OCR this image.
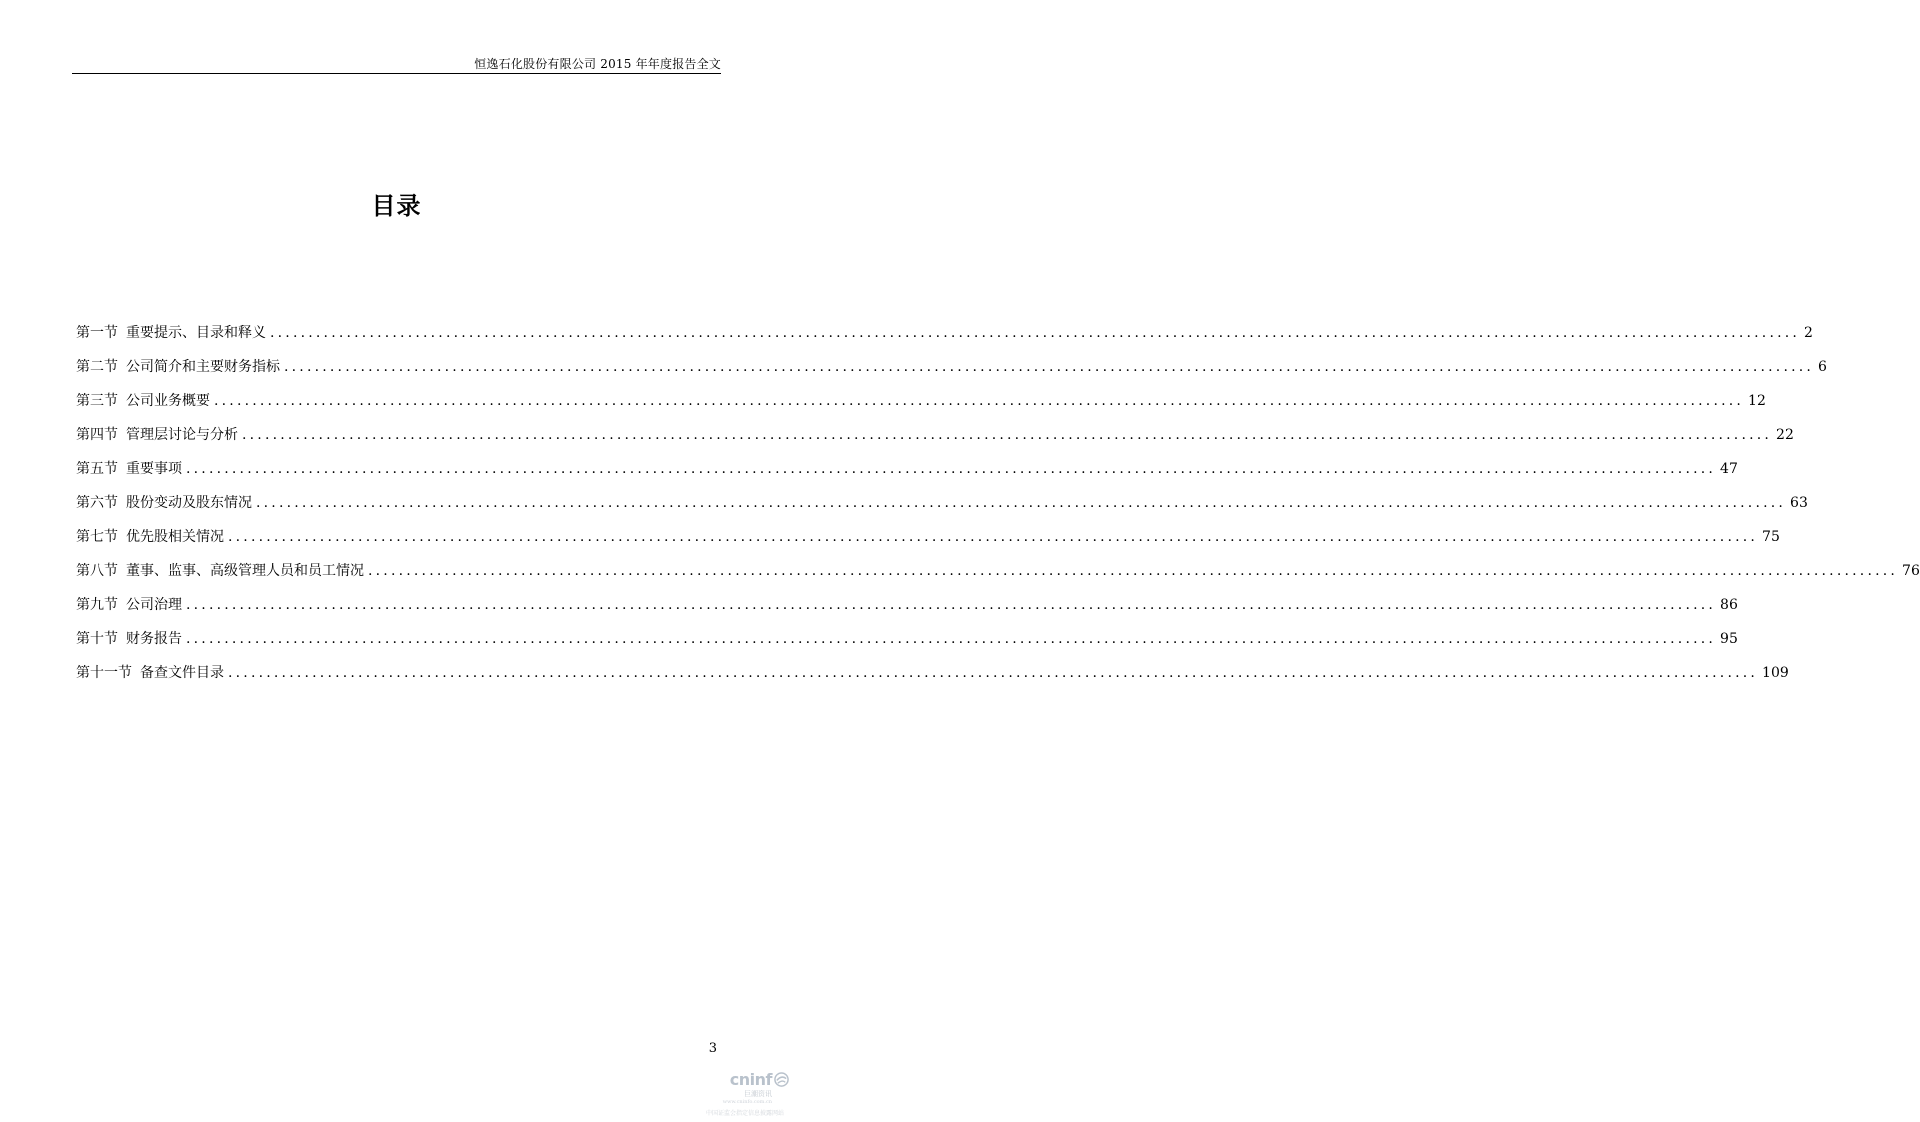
恒逸石化股份有限公司 2015 年年度报告全文
目录
第一节 重要提示、目录和释义 ........................................................................................................................................................................................................ 2
第二节 公司简介和主要财务指标 ........................................................................................................................................................................................................ 6
第三节 公司业务概要 ........................................................................................................................................................................................................ 12
第四节 管理层讨论与分析 ........................................................................................................................................................................................................ 22
第五节 重要事项 ........................................................................................................................................................................................................ 47
第六节 股份变动及股东情况 ........................................................................................................................................................................................................ 63
第七节 优先股相关情况 ........................................................................................................................................................................................................ 75
第八节 董事、监事、高级管理人员和员工情况 ........................................................................................................................................................................................................ 76
第九节 公司治理 ........................................................................................................................................................................................................ 86
第十节 财务报告 ........................................................................................................................................................................................................ 95
第十一节 备查文件目录 ........................................................................................................................................................................................................ 109
3
cninf
巨潮资讯
www.cninfo.com.cn
中国证监会指定信息披露网站
